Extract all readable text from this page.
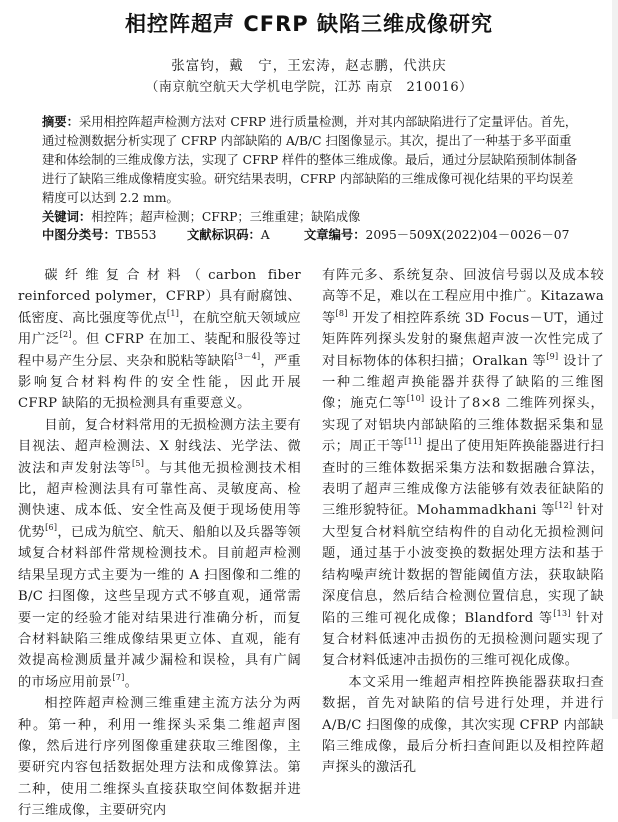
相控阵超声 CFRP 缺陷三维成像研究
张富钧，戴　宁，王宏涛，赵志鹏，代洪庆
（南京航空航天大学机电学院，江苏 南京　210016）

摘要：采用相控阵超声检测方法对 CFRP 进行质量检测，并对其内部缺陷进行了定量评估。首先，通过检测数据分析实现了 CFRP 内部缺陷的 A/B/C 扫图像显示。其次，提出了一种基于多平面重建和体绘制的三维成像方法，实现了 CFRP 样件的整体三维成像。最后，通过分层缺陷预制体制备进行了缺陷三维成像精度实验。研究结果表明，CFRP 内部缺陷的三维成像可视化结果的平均误差精度可以达到 2.2 mm。

关键词：相控阵；超声检测；CFRP；三维重建；缺陷成像

中图分类号：TB553	文献标识码：A	文章编号：2095－509X(2022)04－0026－07

碳纤维复合材料（carbon fiber reinforced polymer，CFRP）具有耐腐蚀、低密度、高比强度等优点[1]，在航空航天领域应用广泛[2]。但 CFRP 在加工、装配和服役等过程中易产生分层、夹杂和脱粘等缺陷[3－4]，严重影响复合材料构件的安全性能，因此开展 CFRP 缺陷的无损检测具有重要意义。

目前，复合材料常用的无损检测方法主要有目视法、超声检测法、X 射线法、光学法、微波法和声发射法等[5]。与其他无损检测技术相比，超声检测法具有可靠性高、灵敏度高、检测快速、成本低、安全性高及便于现场使用等优势[6]，已成为航空、航天、船舶以及兵器等领域复合材料部件常规检测技术。目前超声检测结果呈现方式主要为一维的 A 扫图像和二维的 B/C 扫图像，这些呈现方式不够直观，通常需要一定的经验才能对结果进行准确分析，而复合材料缺陷三维成像结果更立体、直观，能有效提高检测质量并减少漏检和误检，具有广阔的市场应用前景[7]。

相控阵超声检测三维重建主流方法分为两种。第一种，利用一维探头采集二维超声图像，然后进行序列图像重建获取三维图像，主要研究内容包括数据处理方法和成像算法。第二种，使用二维探头直接获取空间体数据并进行三维成像，主要研究内

有阵元多、系统复杂、回波信号弱以及成本较高等不足，难以在工程应用中推广。Kitazawa 等[8] 开发了相控阵系统 3D Focus－UT，通过矩阵阵列探头发射的聚焦超声波一次性完成了对目标物体的体积扫描；Oralkan 等[9] 设计了一种二维超声换能器并获得了缺陷的三维图像；施克仁等[10] 设计了8×8 二维阵列探头，实现了对铝块内部缺陷的三维体数据采集和显示；周正干等[11] 提出了使用矩阵换能器进行扫查时的三维体数据采集方法和数据融合算法，表明了超声三维成像方法能够有效表征缺陷的三维形貌特征。Mohammadkhani 等[12] 针对大型复合材料航空结构件的自动化无损检测问题，通过基于小波变换的数据处理方法和基于结构噪声统计数据的智能阈值方法，获取缺陷深度信息，然后结合检测位置信息，实现了缺陷的三维可视化成像；Blandford 等[13] 针对复合材料低速冲击损伤的无损检测问题实现了复合材料低速冲击损伤的三维可视化成像。

本文采用一维超声相控阵换能器获取扫查数据，首先对缺陷的信号进行处理，并进行 A/B/C 扫图像的成像，其次实现 CFRP 内部缺陷三维成像，最后分析扫查间距以及相控阵超声探头的激活孔
